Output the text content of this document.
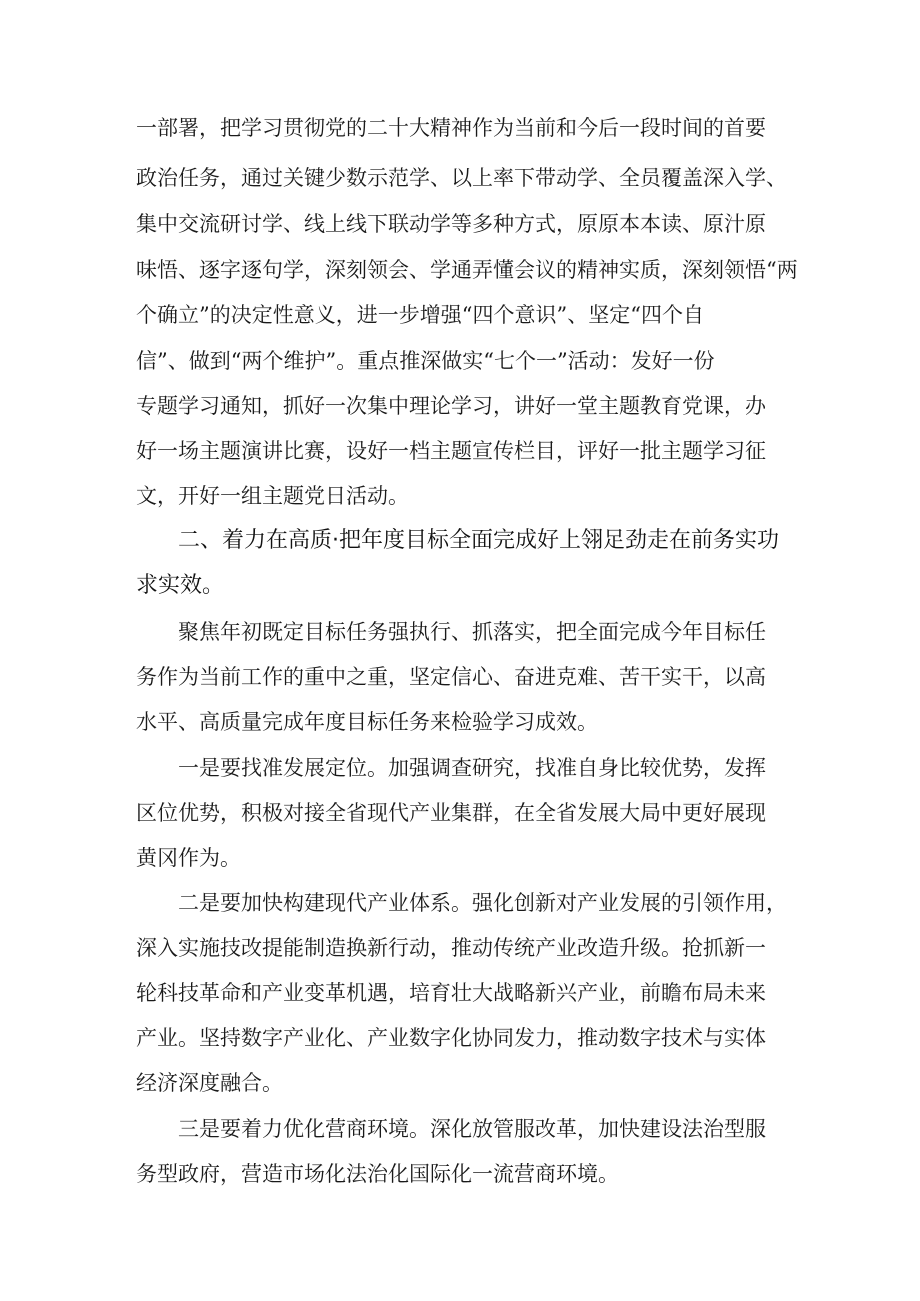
一部署，把学习贯彻党的二十大精神作为当前和今后一段时间的首要
政治任务，通过关键少数示范学、以上率下带动学、全员覆盖深入学、
集中交流研讨学、线上线下联动学等多种方式，原原本本读、原汁原
味悟、逐字逐句学，深刻领会、学通弄懂会议的精神实质，深刻领悟“两
个确立”的决定性意义，进一步增强“四个意识”、坚定“四个自
信”、做到“两个维护”。重点推深做实“七个一”活动：发好一份
专题学习通知，抓好一次集中理论学习，讲好一堂主题教育党课，办
好一场主题演讲比赛，设好一档主题宣传栏目，评好一批主题学习征
文，开好一组主题党日活动。
二、着力在高质·把年度目标全面完成好上翎足劲走在前务实功
求实效。
聚焦年初既定目标任务强执行、抓落实，把全面完成今年目标任
务作为当前工作的重中之重，坚定信心、奋进克难、苦干实干，以高
水平、高质量完成年度目标任务来检验学习成效。
一是要找准发展定位。加强调查研究，找准自身比较优势，发挥
区位优势，积极对接全省现代产业集群，在全省发展大局中更好展现
黄冈作为。
二是要加快构建现代产业体系。强化创新对产业发展的引领作用，
深入实施技改提能制造换新行动，推动传统产业改造升级。抢抓新一
轮科技革命和产业变革机遇，培育壮大战略新兴产业，前瞻布局未来
产业。坚持数字产业化、产业数字化协同发力，推动数字技术与实体
经济深度融合。
三是要着力优化营商环境。深化放管服改革，加快建设法治型服
务型政府，营造市场化法治化国际化一流营商环境。
